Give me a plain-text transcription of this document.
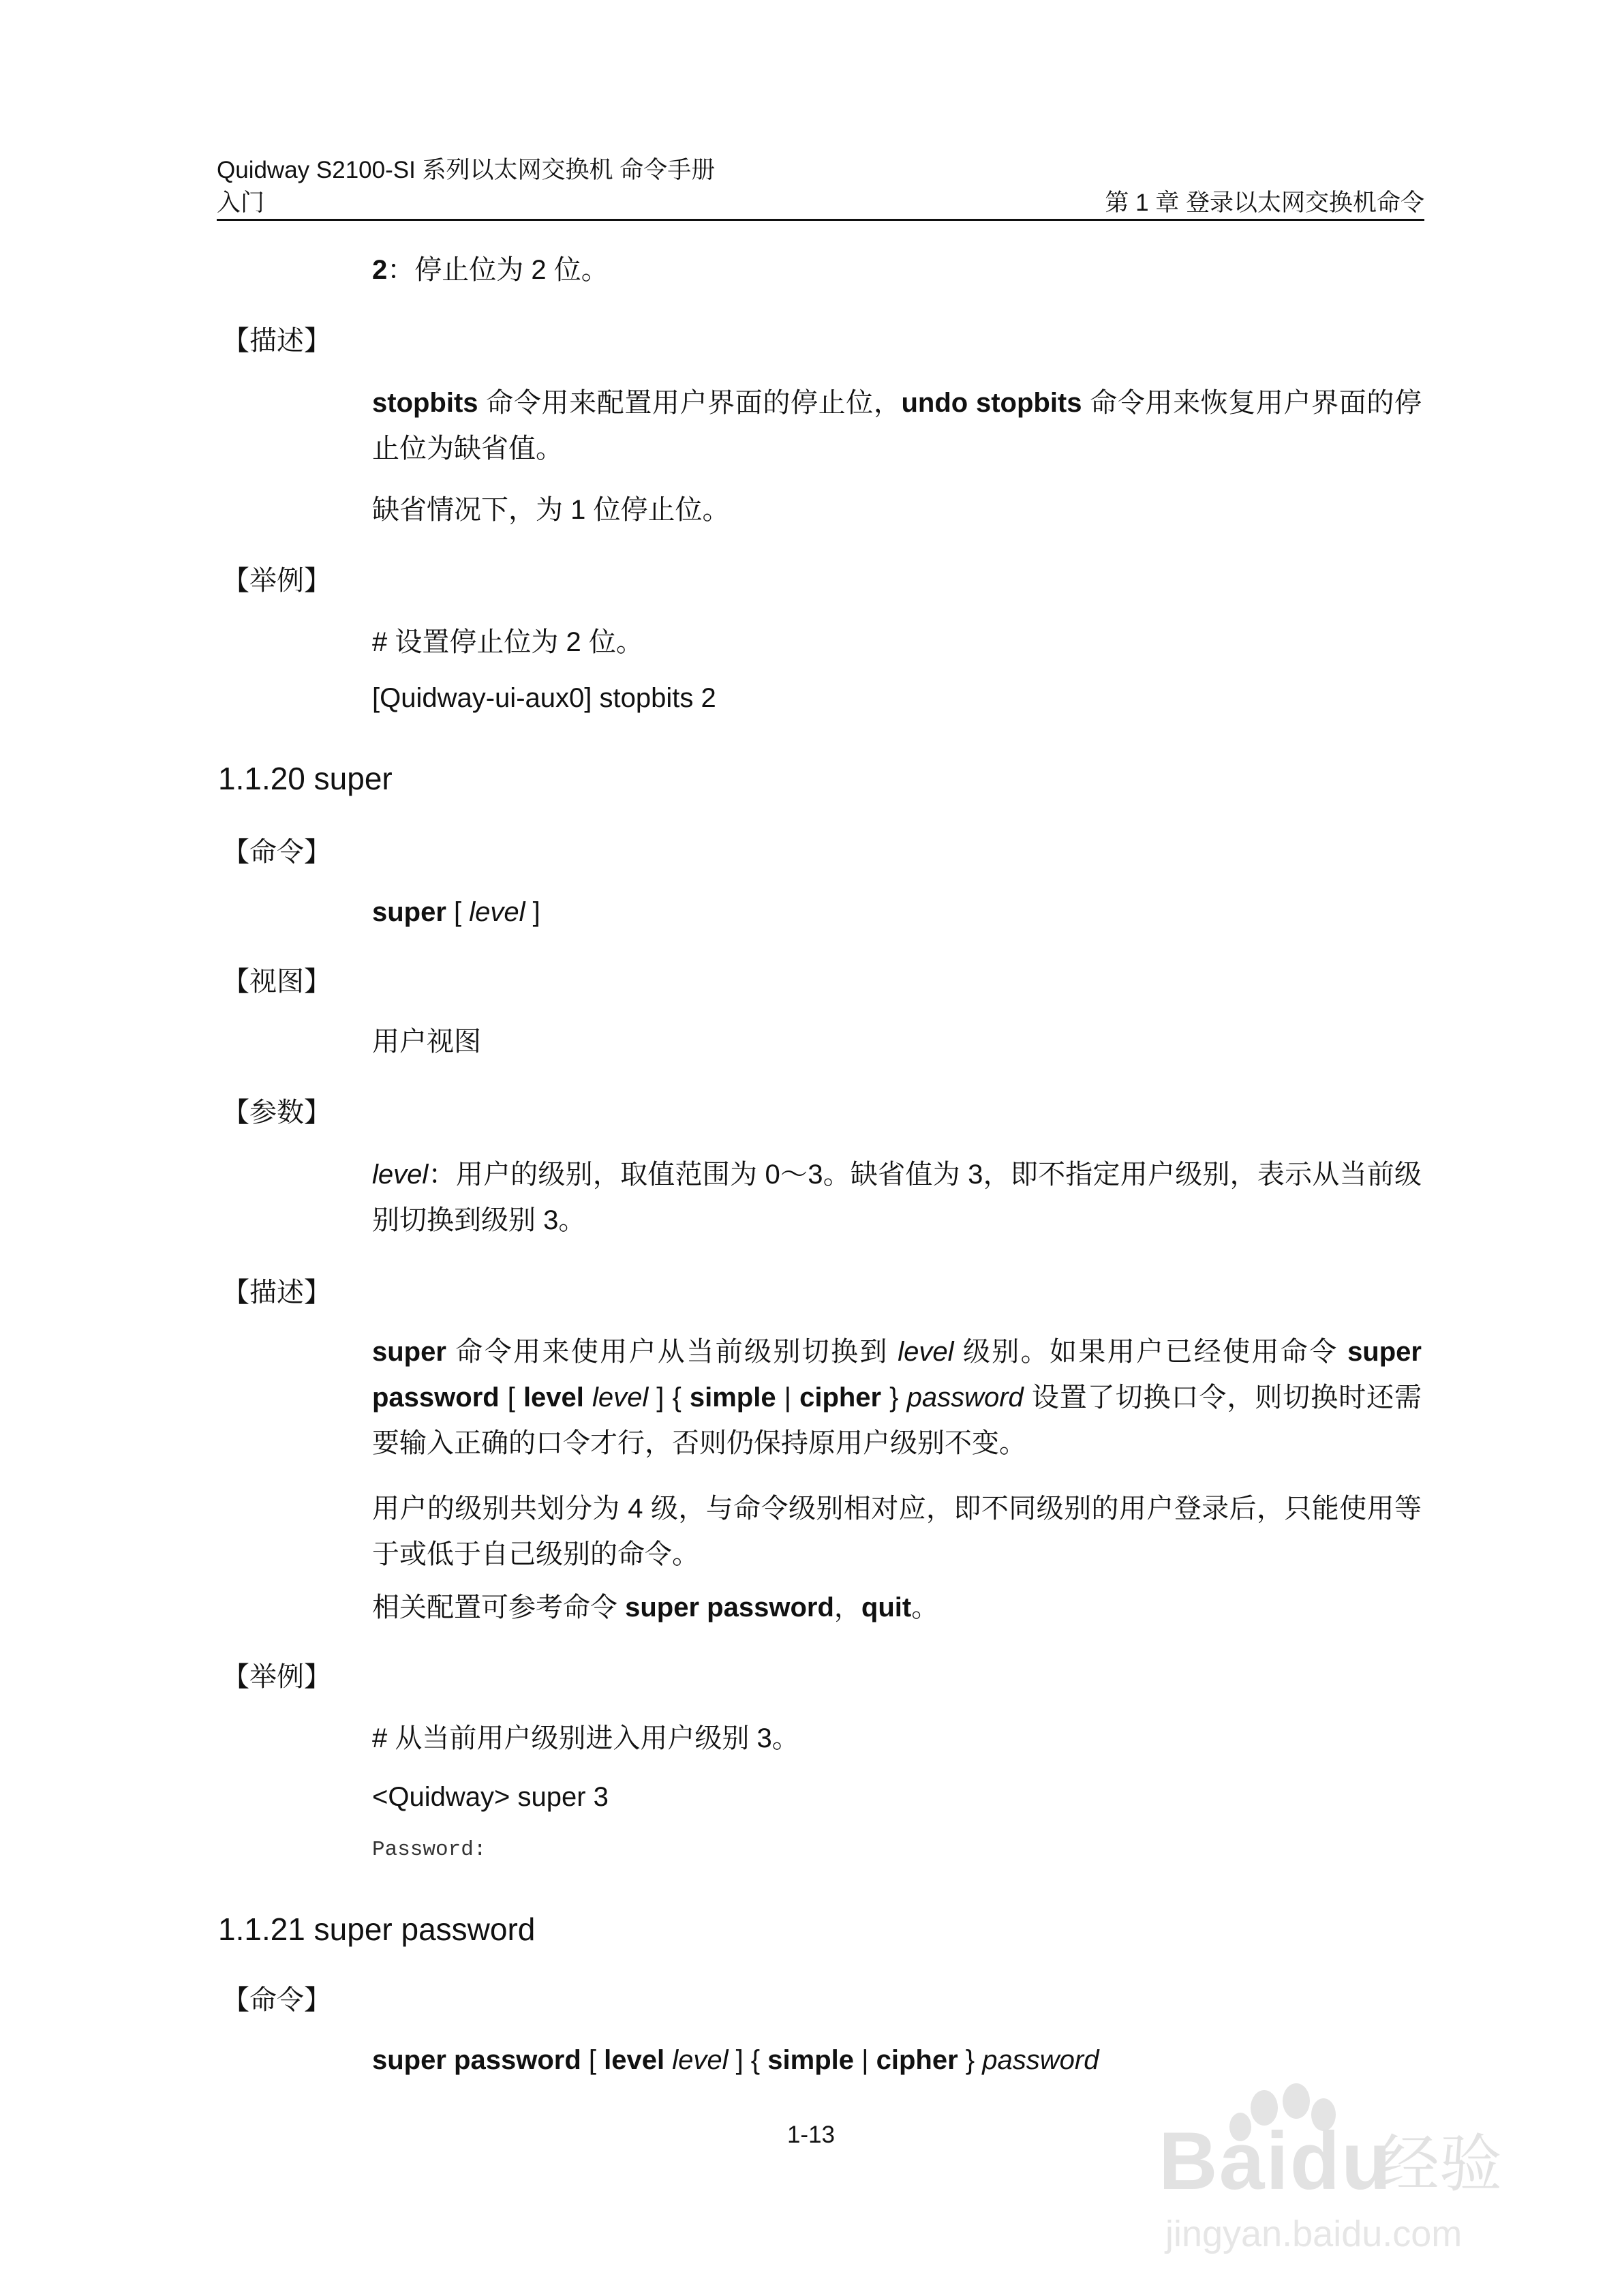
Quidway S2100-SI 系列以太网交换机 命令手册
入门	第 1 章 登录以太网交换机命令
2：停止位为 2 位。
【描述】
stopbits 命令用来配置用户界面的停止位，undo stopbits 命令用来恢复用户界面的停止位为缺省值。
缺省情况下，为 1 位停止位。
【举例】
# 设置停止位为 2 位。
[Quidway-ui-aux0] stopbits 2
1.1.20 super
【命令】
super [ level ]
【视图】
用户视图
【参数】
level：用户的级别，取值范围为 0～3。缺省值为 3，即不指定用户级别，表示从当前级别切换到级别 3。
【描述】
super 命令用来使用户从当前级别切换到 level 级别。如果用户已经使用命令 super password [ level level ] { simple | cipher } password 设置了切换口令，则切换时还需要输入正确的口令才行，否则仍保持原用户级别不变。
用户的级别共划分为 4 级，与命令级别相对应，即不同级别的用户登录后，只能使用等于或低于自己级别的命令。
相关配置可参考命令 super password，quit。
【举例】
# 从当前用户级别进入用户级别 3。
<Quidway> super 3
Password:
1.1.21 super password
【命令】
super password [ level level ] { simple | cipher } password
1-13	Baidu
经验
jingyan.baidu.com
